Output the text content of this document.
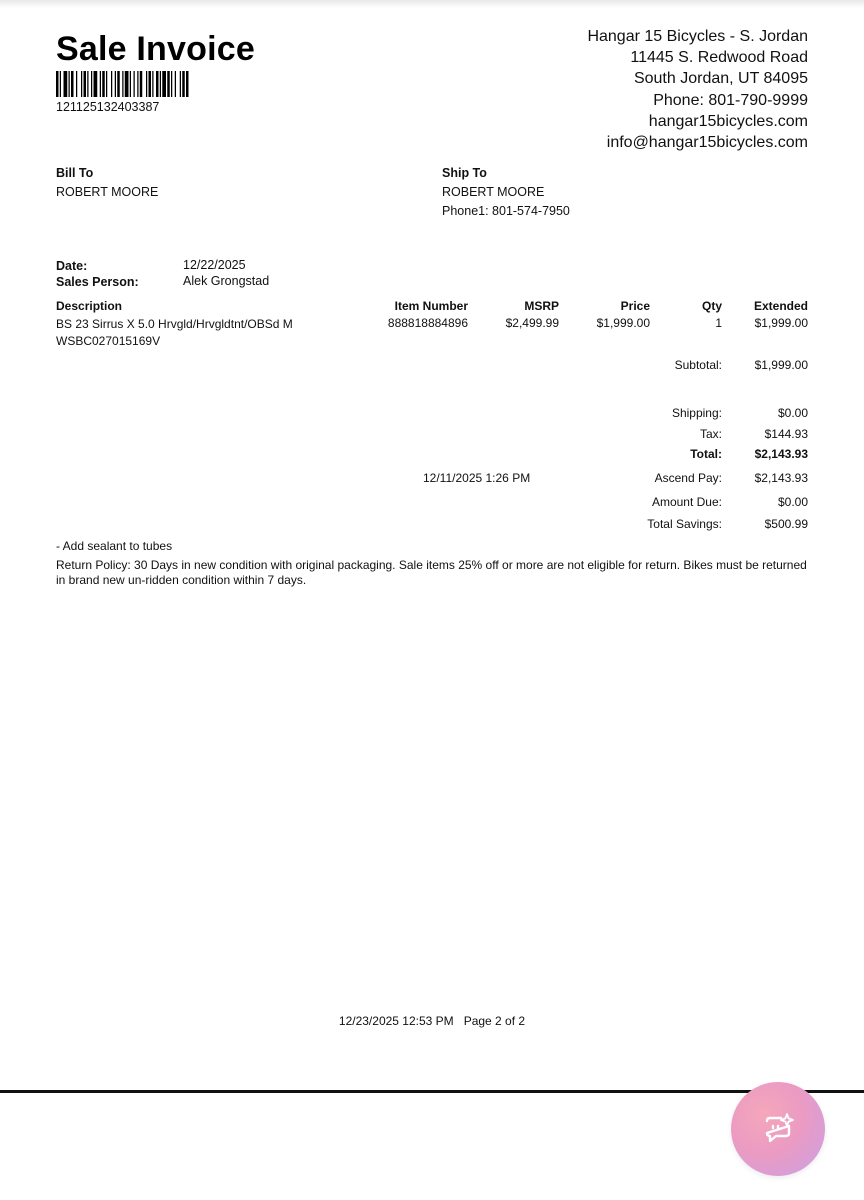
Sale Invoice
121125132403387
Hangar 15 Bicycles - S. Jordan
11445 S. Redwood Road
South Jordan, UT 84095
Phone: 801-790-9999
hangar15bicycles.com
info@hangar15bicycles.com
Bill To
ROBERT MOORE
Ship To
ROBERT MOORE
Phone1: 801-574-7950
Date:	12/22/2025
Sales Person:	Alek Grongstad
Description	Item Number	MSRP	Price	Qty	Extended
BS 23 Sirrus X 5.0 Hrvgld/Hrvgldtnt/OBSd M
WSBC027015169V
888818884896	$2,499.99	$1,999.00	1	$1,999.00
Subtotal:	$1,999.00
Shipping:	$0.00
Tax:	$144.93
Total:	$2,143.93
12/11/2025 1:26 PM	Ascend Pay:	$2,143.93
Amount Due:	$0.00
Total Savings:	$500.99

- Add sealant to tubes

Return Policy: 30 Days in new condition with original packaging. Sale items 25% off or more are not eligible for return. Bikes must be returned in brand new un-ridden condition within 7 days.

12/23/2025 12:53 PM Page 2 of 2
